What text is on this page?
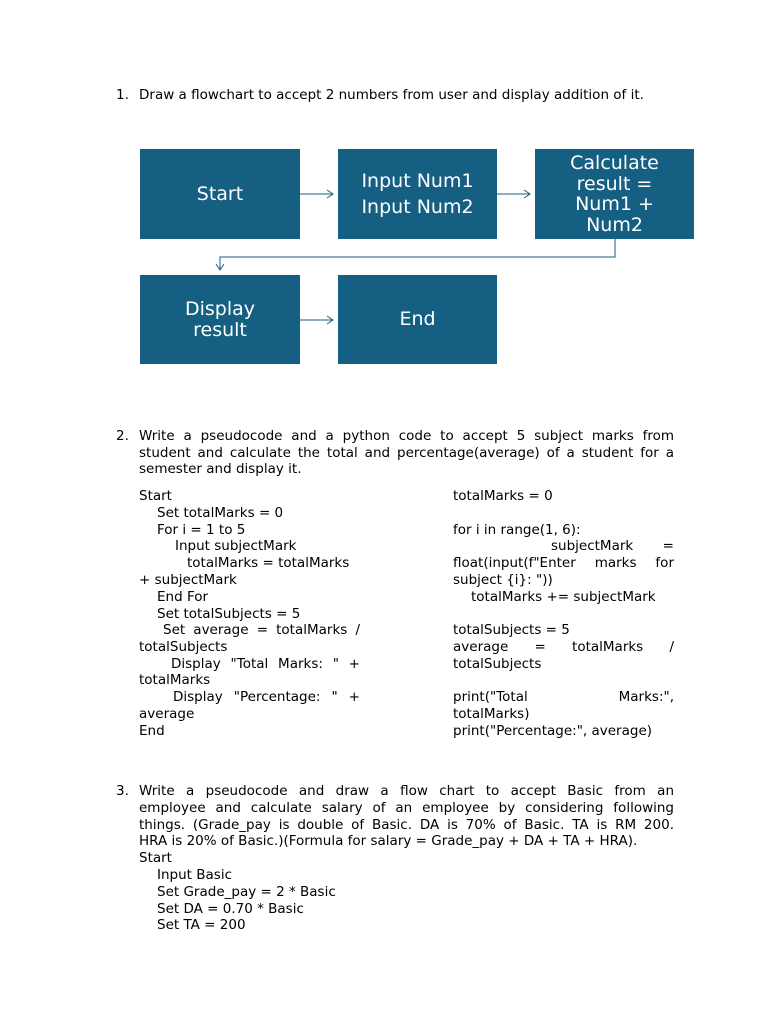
1. Draw a flowchart to accept 2 numbers from user and display addition of it.
Start
Input Num1
Input Num2
Calculate
result =
Num1 +
Num2
Display
result	End
2. Write a pseudocode and a python code to accept 5 subject marks from
student and calculate the total and percentage(average) of a student for a
semester and display it.
Start
Set totalMarks = 0
For i = 1 to 5
Input subjectMark
totalMarks = totalMarks
+ subjectMark
End For
Set totalSubjects = 5
Set average = totalMarks /
totalSubjects
Display "Total Marks: " +
totalMarks
Display "Percentage: " +
average
End
totalMarks = 0
for i in range(1, 6):
subjectMark =
float(input(f"Enter marks for
subject {i}: "))
totalMarks += subjectMark
totalSubjects = 5
average = totalMarks /
totalSubjects
print("Total Marks:",
totalMarks)
print("Percentage:", average)
3. Write a pseudocode and draw a flow chart to accept Basic from an
employee and calculate salary of an employee by considering following
things. (Grade_pay is double of Basic. DA is 70% of Basic. TA is RM 200.
HRA is 20% of Basic.)(Formula for salary = Grade_pay + DA + TA + HRA).
Start
Input Basic
Set Grade_pay = 2 * Basic
Set DA = 0.70 * Basic
Set TA = 200
